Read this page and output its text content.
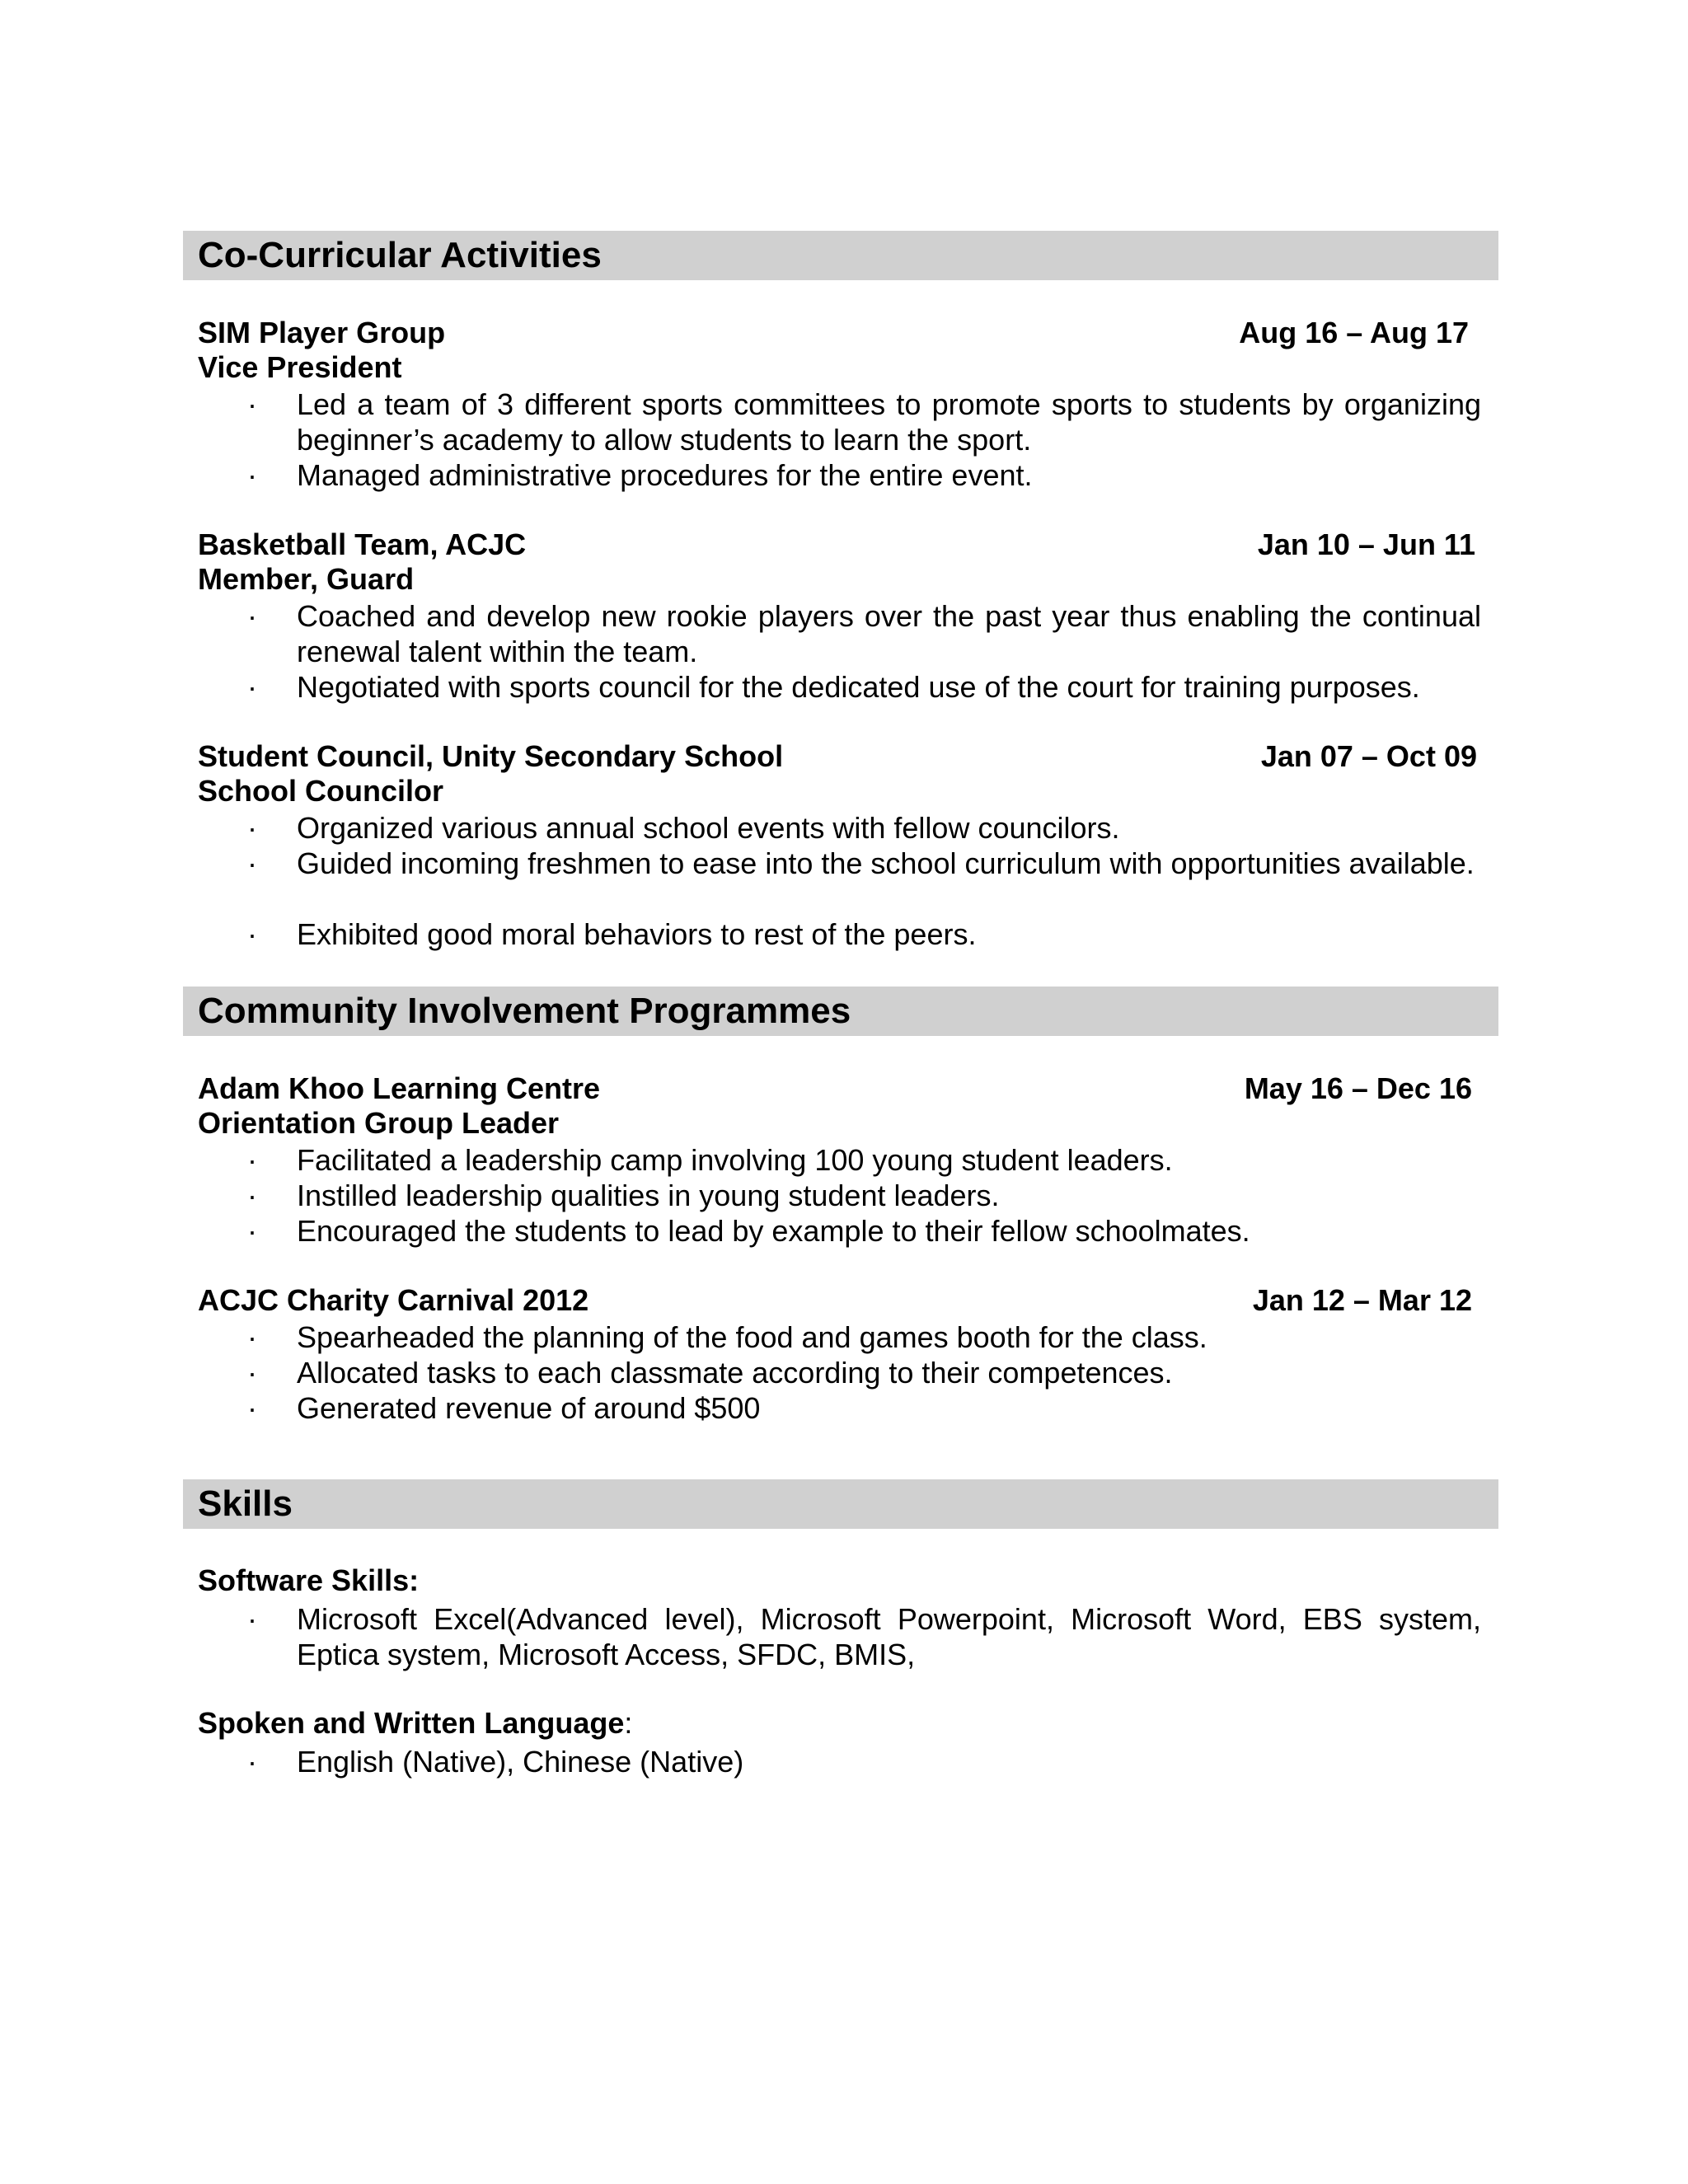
Co-Curricular Activities
SIM Player Group	Aug 16 – Aug 17
Vice President
· Led a team of 3 different sports committees to promote sports to students by organizing beginner’s academy to allow students to learn the sport.
· Managed administrative procedures for the entire event.
Basketball Team, ACJC	Jan 10 – Jun 11
Member, Guard
· Coached and develop new rookie players over the past year thus enabling the continual renewal talent within the team.
· Negotiated with sports council for the dedicated use of the court for training purposes.
Student Council, Unity Secondary School	Jan 07 – Oct 09
School Councilor
· Organized various annual school events with fellow councilors.
· Guided incoming freshmen to ease into the school curriculum with opportunities available.
· Exhibited good moral behaviors to rest of the peers.
Community Involvement Programmes
Adam Khoo Learning Centre	May 16 – Dec 16
Orientation Group Leader
· Facilitated a leadership camp involving 100 young student leaders.
· Instilled leadership qualities in young student leaders.
· Encouraged the students to lead by example to their fellow schoolmates.
ACJC Charity Carnival 2012	Jan 12 – Mar 12
· Spearheaded the planning of the food and games booth for the class.
· Allocated tasks to each classmate according to their competences.
· Generated revenue of around $500
Skills
Software Skills:
· Microsoft Excel(Advanced level), Microsoft Powerpoint, Microsoft Word, EBS system, Eptica system, Microsoft Access, SFDC, BMIS,
Spoken and Written Language:
· English (Native), Chinese (Native)
